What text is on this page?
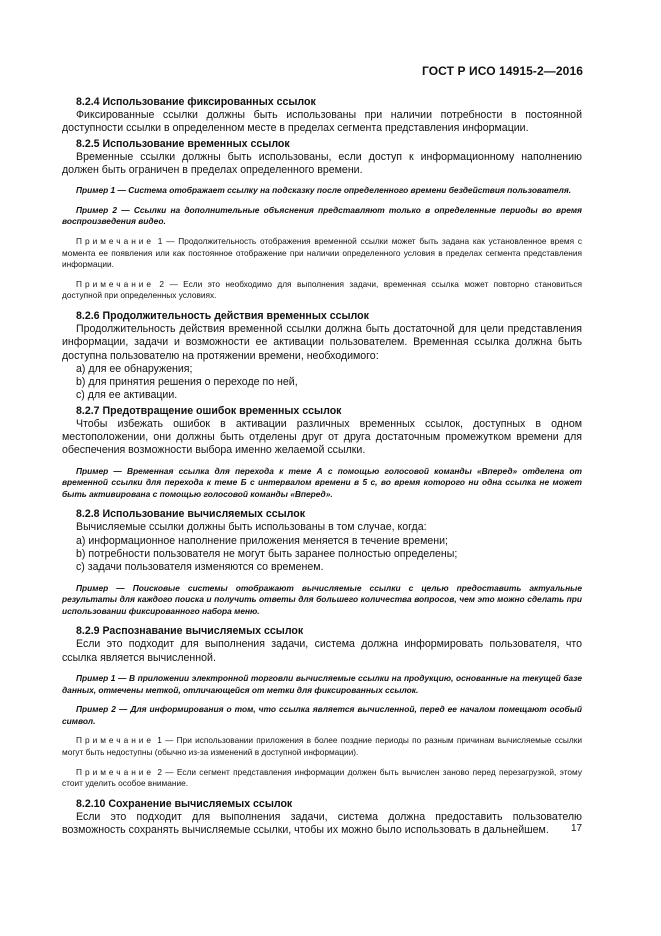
ГОСТ Р ИСО 14915-2—2016
8.2.4 Использование фиксированных ссылок

Фиксированные ссылки должны быть использованы при наличии потребности в постоянной доступности ссылки в определенном месте в пределах сегмента представления информации.

8.2.5 Использование временных ссылок

Временные ссылки должны быть использованы, если доступ к информационному наполнению должен быть ограничен в пределах определенного времени.

Пример 1 — Система отображает ссылку на подсказку после определенного времени бездействия пользователя.

Пример 2 — Ссылки на дополнительные объяснения представляют только в определенные периоды во время воспроизведения видео.

Примечание 1 — Продолжительность отображения временной ссылки может быть задана как установленное время с момента ее появления или как постоянное отображение при наличии определенного условия в пределах сегмента представления информации.

Примечание 2 — Если это необходимо для выполнения задачи, временная ссылка может повторно становиться доступной при определенных условиях.

8.2.6 Продолжительность действия временных ссылок

Продолжительность действия временной ссылки должна быть достаточной для цели представления информации, задачи и возможности ее активации пользователем. Временная ссылка должна быть доступна пользователю на протяжении времени, необходимого:

a) для ее обнаружения;
b) для принятия решения о переходе по ней,
c) для ее активации.
8.2.7 Предотвращение ошибок временных ссылок

Чтобы избежать ошибок в активации различных временных ссылок, доступных в одном местоположении, они должны быть отделены друг от друга достаточным промежутком времени для обеспечения возможности выбора именно желаемой ссылки.

Пример — Временная ссылка для перехода к теме А с помощью голосовой команды «Вперед» отделена от временной ссылки для перехода к теме Б с интервалом времени в 5 с, во время которого ни одна ссылка не может быть активирована с помощью голосовой команды «Вперед».

8.2.8 Использование вычисляемых ссылок

Вычисляемые ссылки должны быть использованы в том случае, когда:

a) информационное наполнение приложения меняется в течение времени;
b) потребности пользователя не могут быть заранее полностью определены;
c) задачи пользователя изменяются со временем.

Пример — Поисковые системы отображают вычисляемые ссылки с целью предоставить актуальные результаты для каждого поиска и получить ответы для большего количества вопросов, чем это можно сделать при использовании фиксированного набора меню.

8.2.9 Распознавание вычисляемых ссылок

Если это подходит для выполнения задачи, система должна информировать пользователя, что ссылка является вычисленной.

Пример 1 — В приложении электронной торговли вычисляемые ссылки на продукцию, основанные на текущей базе данных, отмечены меткой, отличающейся от метки для фиксированных ссылок.

Пример 2 — Для информирования о том, что ссылка является вычисленной, перед ее началом помещают особый символ.

Примечание 1 — При использовании приложения в более поздние периоды по разным причинам вычисляемые ссылки могут быть недоступны (обычно из-за изменений в доступной информации).

Примечание 2 — Если сегмент представления информации должен быть вычислен заново перед перезагрузкой, этому стоит уделить особое внимание.

8.2.10 Сохранение вычисляемых ссылок

Если это подходит для выполнения задачи, система должна предоставить пользователю возможность сохранять вычисляемые ссылки, чтобы их можно было использовать в дальнейшем.	17
